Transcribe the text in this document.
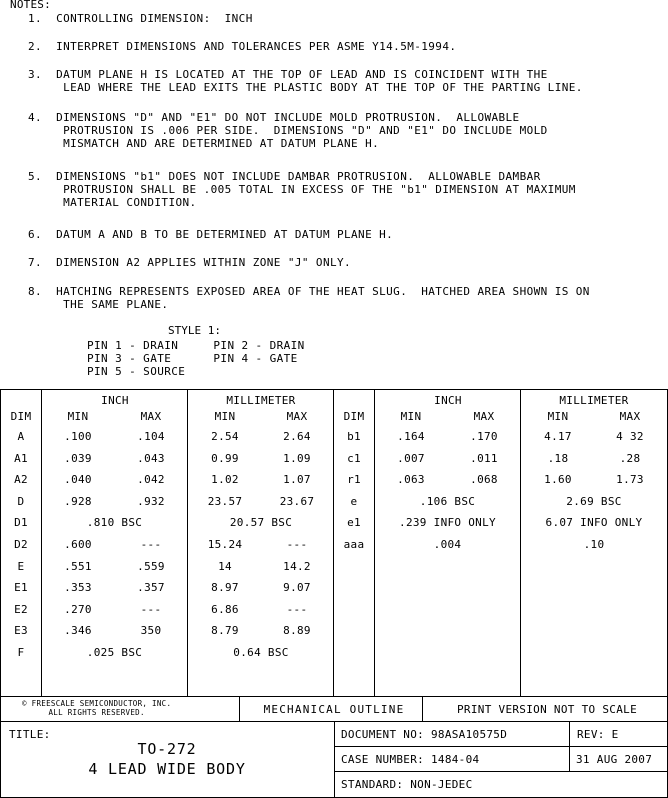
NOTES:
1.  CONTROLLING DIMENSION:  INCH
2.  INTERPRET DIMENSIONS AND TOLERANCES PER ASME Y14.5M-1994.
3.  DATUM PLANE H IS LOCATED AT THE TOP OF LEAD AND IS COINCIDENT WITH THE
LEAD WHERE THE LEAD EXITS THE PLASTIC BODY AT THE TOP OF THE PARTING LINE.
4.  DIMENSIONS "D" AND "E1" DO NOT INCLUDE MOLD PROTRUSION.  ALLOWABLE
PROTRUSION IS .006 PER SIDE.  DIMENSIONS "D" AND "E1" DO INCLUDE MOLD
MISMATCH AND ARE DETERMINED AT DATUM PLANE H.
5.  DIMENSIONS "b1" DOES NOT INCLUDE DAMBAR PROTRUSION.  ALLOWABLE DAMBAR
PROTRUSION SHALL BE .005 TOTAL IN EXCESS OF THE "b1" DIMENSION AT MAXIMUM
MATERIAL CONDITION.
6.  DATUM A AND B TO BE DETERMINED AT DATUM PLANE H.
7.  DIMENSION A2 APPLIES WITHIN ZONE "J" ONLY.
8.  HATCHING REPRESENTS EXPOSED AREA OF THE HEAT SLUG.  HATCHED AREA SHOWN IS ON
THE SAME PLANE.
STYLE 1:
PIN 1 - DRAIN     PIN 2 - DRAIN
PIN 3 - GATE      PIN 4 - GATE
PIN 5 - SOURCE
INCH	MILLIMETER	INCH	MILLIMETER
DIM	MIN	MAX	MIN	MAX	DIM	MIN	MAX	MIN	MAX
A	.100	.104	2.54	2.64
A1	.039	.043	0.99	1.09
A2	.040	.042	1.02	1.07
D	.928	.932	23.57	23.67
D1	.810 BSC	20.57 BSC
D2	.600	---	15.24	---
E	.551	.559	14	14.2
E1	.353	.357	8.97	9.07
E2	.270	---	6.86	---
E3	.346	350	8.79	8.89
F	.025 BSC	0.64 BSC
b1	.164	.170	4.17	4 32
c1	.007	.011	.18	.28
r1	.063	.068	1.60	1.73
e	.106 BSC	2.69 BSC
e1	.239 INFO ONLY	6.07 INFO ONLY
aaa	.004	.10
© FREESCALE SEMICONDUCTOR, INC.
ALL RIGHTS RESERVED.	MECHANICAL OUTLINE	PRINT VERSION NOT TO SCALE
TITLE:
TO-272
4 LEAD WIDE BODY
DOCUMENT NO: 98ASA10575D	REV: E
CASE NUMBER: 1484-04	31 AUG 2007
STANDARD: NON-JEDEC
